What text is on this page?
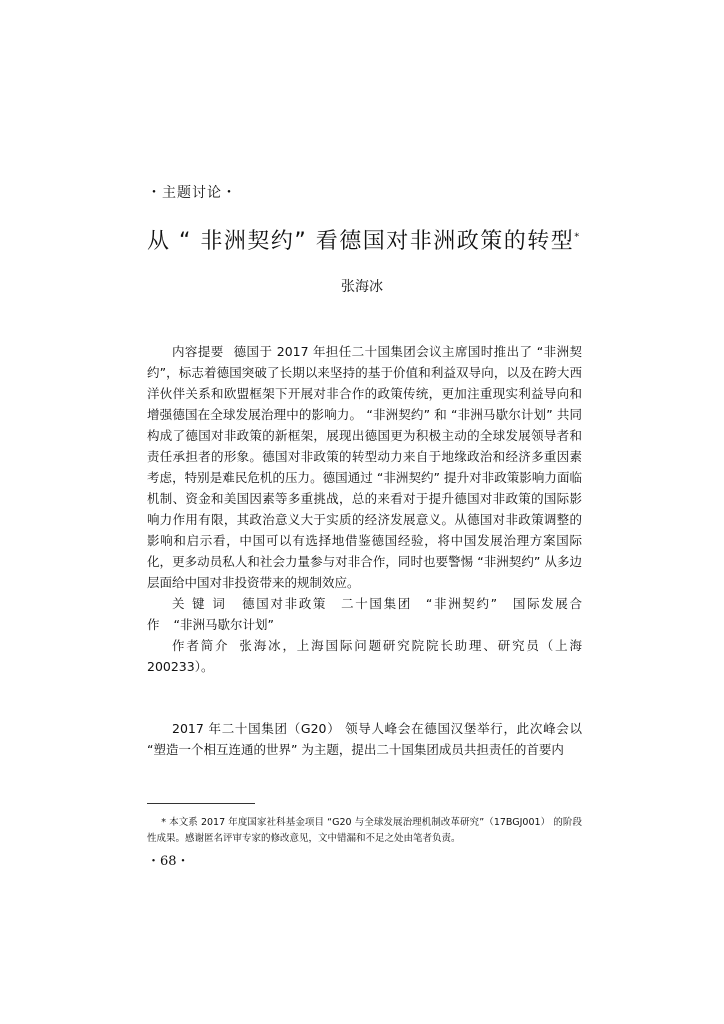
・主题讨论・
从 “ 非洲契约” 看德国对非洲政策的转型*
张海冰

内容提要 德国于 2017 年担任二十国集团会议主席国时推出了 “非洲契约”，标志着德国突破了长期以来坚持的基于价值和利益双导向，以及在跨大西洋伙伴关系和欧盟框架下开展对非合作的政策传统，更加注重现实利益导向和增强德国在全球发展治理中的影响力。 “非洲契约” 和 “非洲马歇尔计划” 共同构成了德国对非政策的新框架，展现出德国更为积极主动的全球发展领导者和责任承担者的形象。德国对非政策的转型动力来自于地缘政治和经济多重因素考虑，特别是难民危机的压力。德国通过 “非洲契约” 提升对非政策影响力面临机制、资金和美国因素等多重挑战，总的来看对于提升德国对非政策的国际影响力作用有限，其政治意义大于实质的经济发展意义。从德国对非政策调整的影响和启示看，中国可以有选择地借鉴德国经验，将中国发展治理方案国际化，更多动员私人和社会力量参与对非合作，同时也要警惕 “非洲契约” 从多边层面给中国对非投资带来的规制效应。

关键词 德国对非政策 二十国集团 “非洲契约” 国际发展合作 “非洲马歇尔计划”

作者简介 张海冰，上海国际问题研究院院长助理、研究员（上海 200233）。

2017 年二十国集团（G20） 领导人峰会在德国汉堡举行，此次峰会以 “塑造一个相互连通的世界” 为主题，提出二十国集团成员共担责任的首要内

* 本文系 2017 年度国家社科基金项目 “G20 与全球发展治理机制改革研究”（17BGJ001） 的阶段性成果。感谢匿名评审专家的修改意见，文中错漏和不足之处由笔者负责。

・68・
